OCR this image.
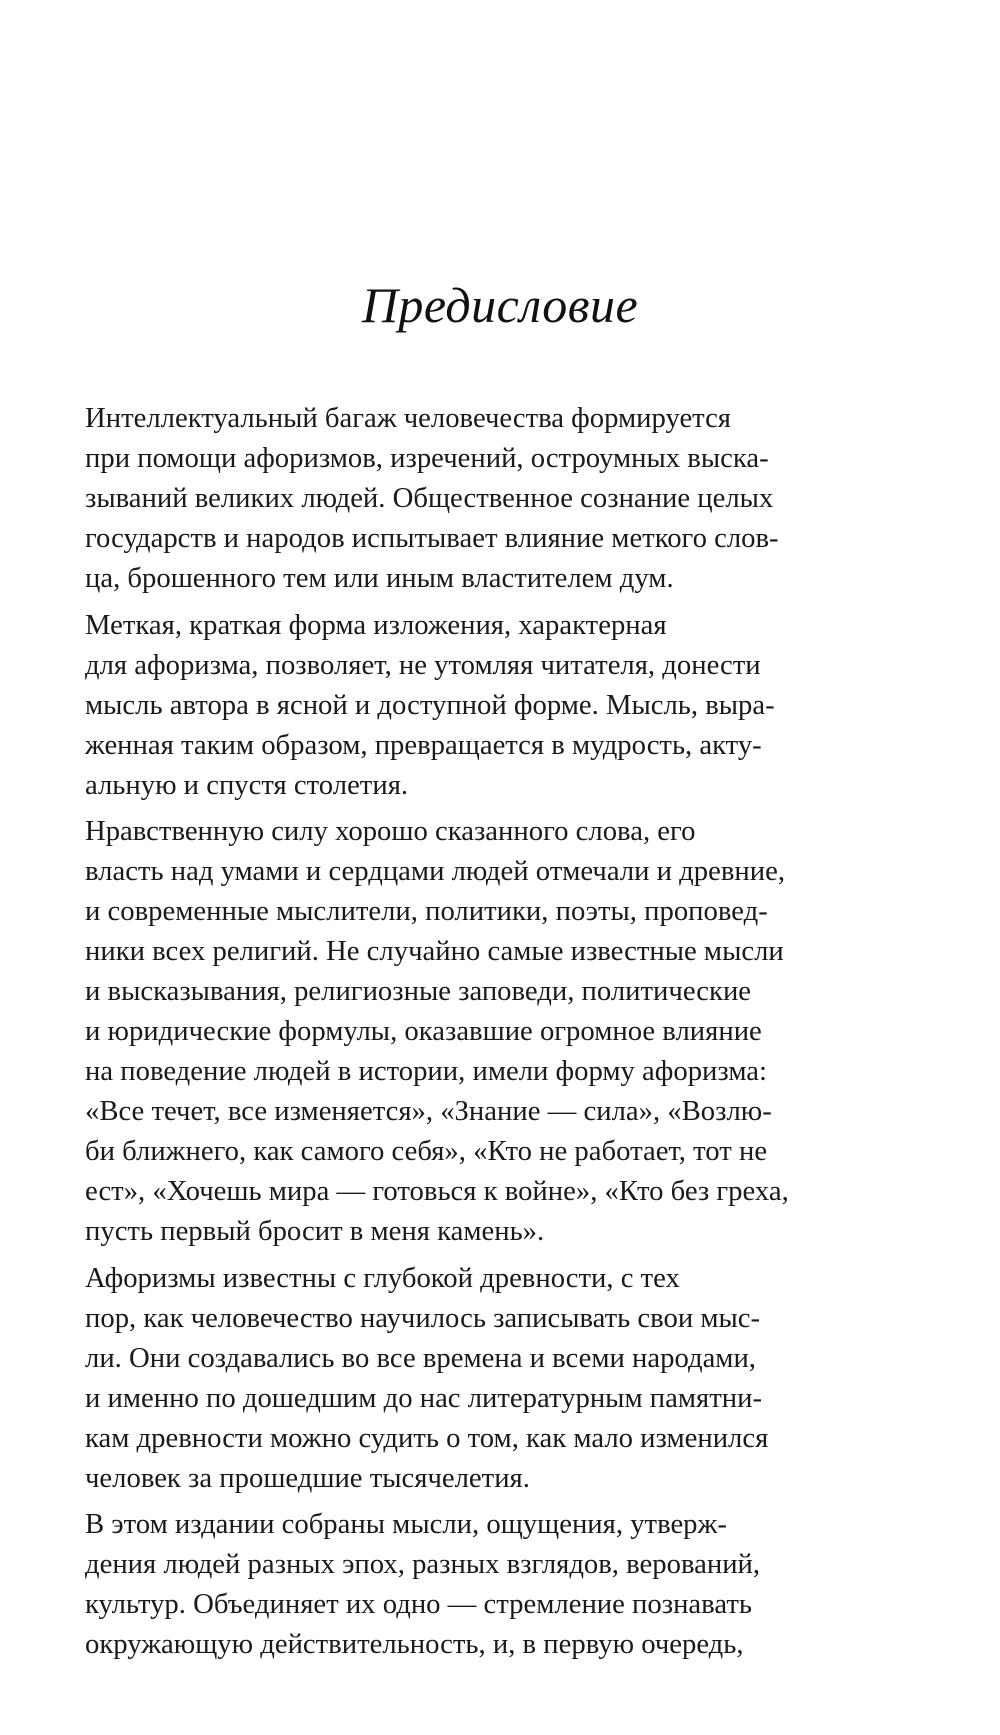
Предисловие

Интеллектуальный багаж человечества формируется
при помощи афоризмов, изречений, остроумных выска-
зываний великих людей. Общественное сознание целых
государств и народов испытывает влияние меткого слов-
ца, брошенного тем или иным властителем дум.

Меткая, краткая форма изложения, характерная
для афоризма, позволяет, не утомляя читателя, донести
мысль автора в ясной и доступной форме. Мысль, выра-
женная таким образом, превращается в мудрость, акту-
альную и спустя столетия.

Нравственную силу хорошо сказанного слова, его
власть над умами и сердцами людей отмечали и древние,
и современные мыслители, политики, поэты, проповед-
ники всех религий. Не случайно самые известные мысли
и высказывания, религиозные заповеди, политические
и юридические формулы, оказавшие огромное влияние
на поведение людей в истории, имели форму афоризма:
«Все течет, все изменяется», «Знание — сила», «Возлю-
би ближнего, как самого себя», «Кто не работает, тот не
ест», «Хочешь мира — готовься к войне», «Кто без греха,
пусть первый бросит в меня камень».

Афоризмы известны с глубокой древности, с тех
пор, как человечество научилось записывать свои мыс-
ли. Они создавались во все времена и всеми народами,
и именно по дошедшим до нас литературным памятни-
кам древности можно судить о том, как мало изменился
человек за прошедшие тысячелетия.

В этом издании собраны мысли, ощущения, утверж-
дения людей разных эпох, разных взглядов, верований,
культур. Объединяет их одно — стремление познавать
окружающую действительность, и, в первую очередь,
